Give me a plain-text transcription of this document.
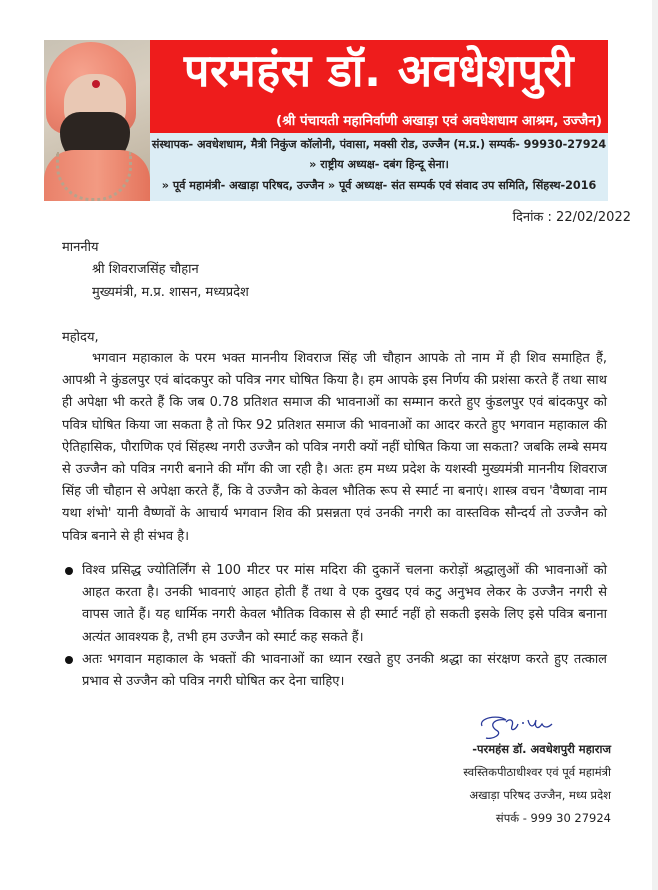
परमहंस डॉ. अवधेशपुरी
(श्री पंचायती महानिर्वाणी अखाड़ा एवं अवधेशधाम आश्रम, उज्जैन)
संस्थापक- अवधेशधाम, मैत्री निकुंज कॉलोनी, पंवासा, मक्सी रोड, उज्जैन (म.प्र.) सम्पर्क- 99930-27924
» राष्ट्रीय अध्यक्ष- दबंग हिन्दू सेना।
» पूर्व महामंत्री- अखाड़ा परिषद, उज्जैन » पूर्व अध्यक्ष- संत सम्पर्क एवं संवाद उप समिति, सिंहस्थ-2016
दिनांक : 22/02/2022
माननीय
श्री शिवराजसिंह चौहान
मुख्यमंत्री, म.प्र. शासन, मध्यप्रदेश
महोदय,

भगवान महाकाल के परम भक्त माननीय शिवराज सिंह जी चौहान आपके तो नाम में ही शिव समाहित हैं, आपश्री ने कुंडलपुर एवं बांदकपुर को पवित्र नगर घोषित किया है। हम आपके इस निर्णय की प्रशंसा करते हैं तथा साथ ही अपेक्षा भी करते हैं कि जब 0.78 प्रतिशत समाज की भावनाओं का सम्मान करते हुए कुंडलपुर एवं बांदकपुर को पवित्र घोषित किया जा सकता है तो फिर 92 प्रतिशत समाज की भावनाओं का आदर करते हुए भगवान महाकाल की ऐतिहासिक, पौराणिक एवं सिंहस्थ नगरी उज्जैन को पवित्र नगरी क्यों नहीं घोषित किया जा सकता? जबकि लम्बे समय से उज्जैन को पवित्र नगरी बनाने की माँग की जा रही है। अतः हम मध्य प्रदेश के यशस्वी मुख्यमंत्री माननीय शिवराज सिंह जी चौहान से अपेक्षा करते हैं, कि वे उज्जैन को केवल भौतिक रूप से स्मार्ट ना बनाएं। शास्त्र वचन 'वैष्णवा नाम यथा शंभो' यानी वैष्णवों के आचार्य भगवान शिव की प्रसन्नता एवं उनकी नगरी का वास्तविक सौन्दर्य तो उज्जैन को पवित्र बनाने से ही संभव है।

विश्व प्रसिद्ध ज्योतिर्लिंग से 100 मीटर पर मांस मदिरा की दुकानें चलना करोड़ों श्रद्धालुओं की भावनाओं को आहत करता है। उनकी भावनाएं आहत होती हैं तथा वे एक दुखद एवं कटु अनुभव लेकर के उज्जैन नगरी से वापस जाते हैं। यह धार्मिक नगरी केवल भौतिक विकास से ही स्मार्ट नहीं हो सकती इसके लिए इसे पवित्र बनाना अत्यंत आवश्यक है, तभी हम उज्जैन को स्मार्ट कह सकते हैं।
अतः भगवान महाकाल के भक्तों की भावनाओं का ध्यान रखते हुए उनकी श्रद्धा का संरक्षण करते हुए तत्काल प्रभाव से उज्जैन को पवित्र नगरी घोषित कर देना चाहिए।
-परमहंस डॉ. अवधेशपुरी महाराज
स्वस्तिकपीठाधीश्वर एवं पूर्व महामंत्री
अखाड़ा परिषद उज्जैन, मध्य प्रदेश
संपर्क - 999 30 27924
